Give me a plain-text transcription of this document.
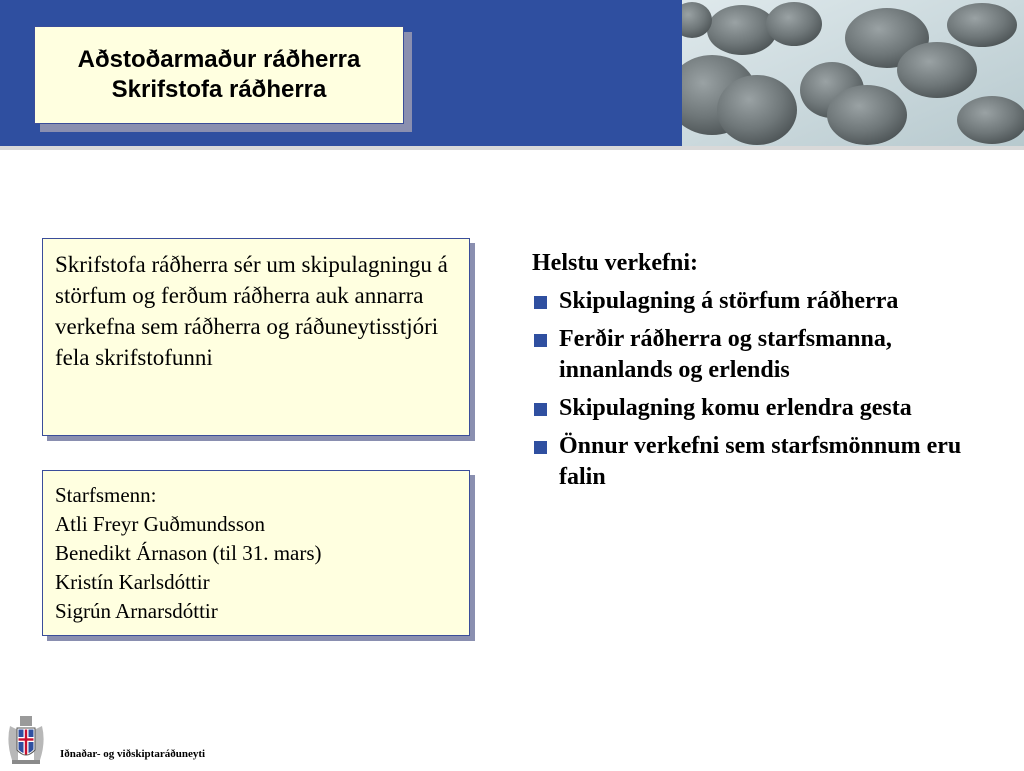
Aðstoðarmaður ráðherra
Skrifstofa ráðherra
Skrifstofa ráðherra sér um skipulagningu á störfum og ferðum ráðherra auk annarra verkefna sem ráðherra og ráðuneytisstjóri fela skrifstofunni
Starfsmenn:
Atli Freyr Guðmundsson
Benedikt Árnason (til 31. mars)
Kristín Karlsdóttir
Sigrún Arnarsdóttir
Helstu verkefni:
Skipulagning á störfum ráðherra
Ferðir ráðherra og starfsmanna, innanlands og erlendis
Skipulagning komu erlendra gesta
Önnur verkefni sem starfsmönnum eru falin
Iðnaðar- og viðskiptaráðuneyti
